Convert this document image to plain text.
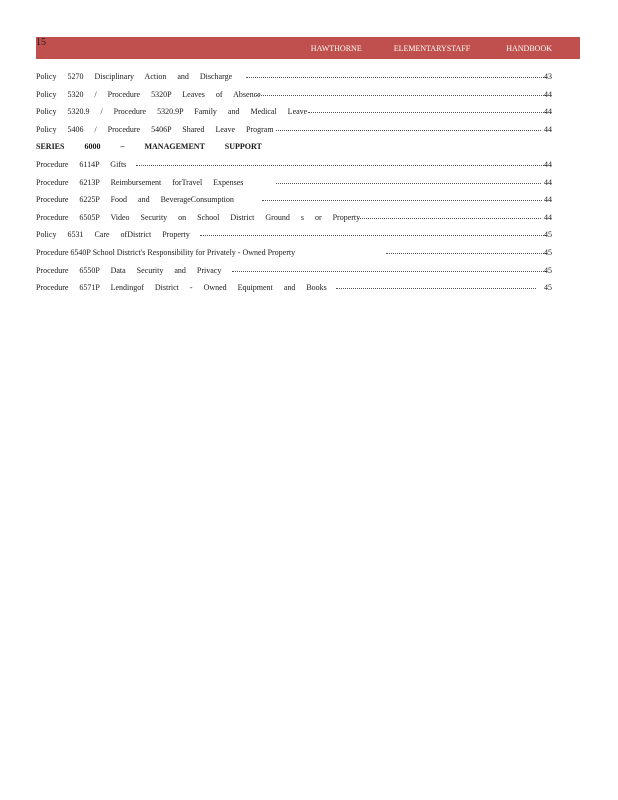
15
HAWTHORNE	ELEMENTARYSTAFF	HANDBOOK
Policy 5270 Disciplinary Action and Discharge	43
Policy 5320 / Procedure 5320P Leaves of Absence	44
Policy 5320.9 / Procedure 5320.9P Family and Medical Leave	44
Policy 5406 / Procedure 5406P Shared Leave Program	44
SERIES 6000 – MANAGEMENT SUPPORT
Procedure 6114P Gifts	44
Procedure 6213P Reimbursement forTravel Expenses	44
Procedure 6225P Food and BeverageConsumption	44
Procedure 6505P Video Security on School District Ground s or Property	44
Policy 6531 Care ofDistrict Property	45
Procedure 6540P School District's Responsibility for Privately - Owned Property	45
Procedure 6550P Data Security and Privacy	45
Procedure 6571P Lendingof District - Owned Equipment and Books	45
